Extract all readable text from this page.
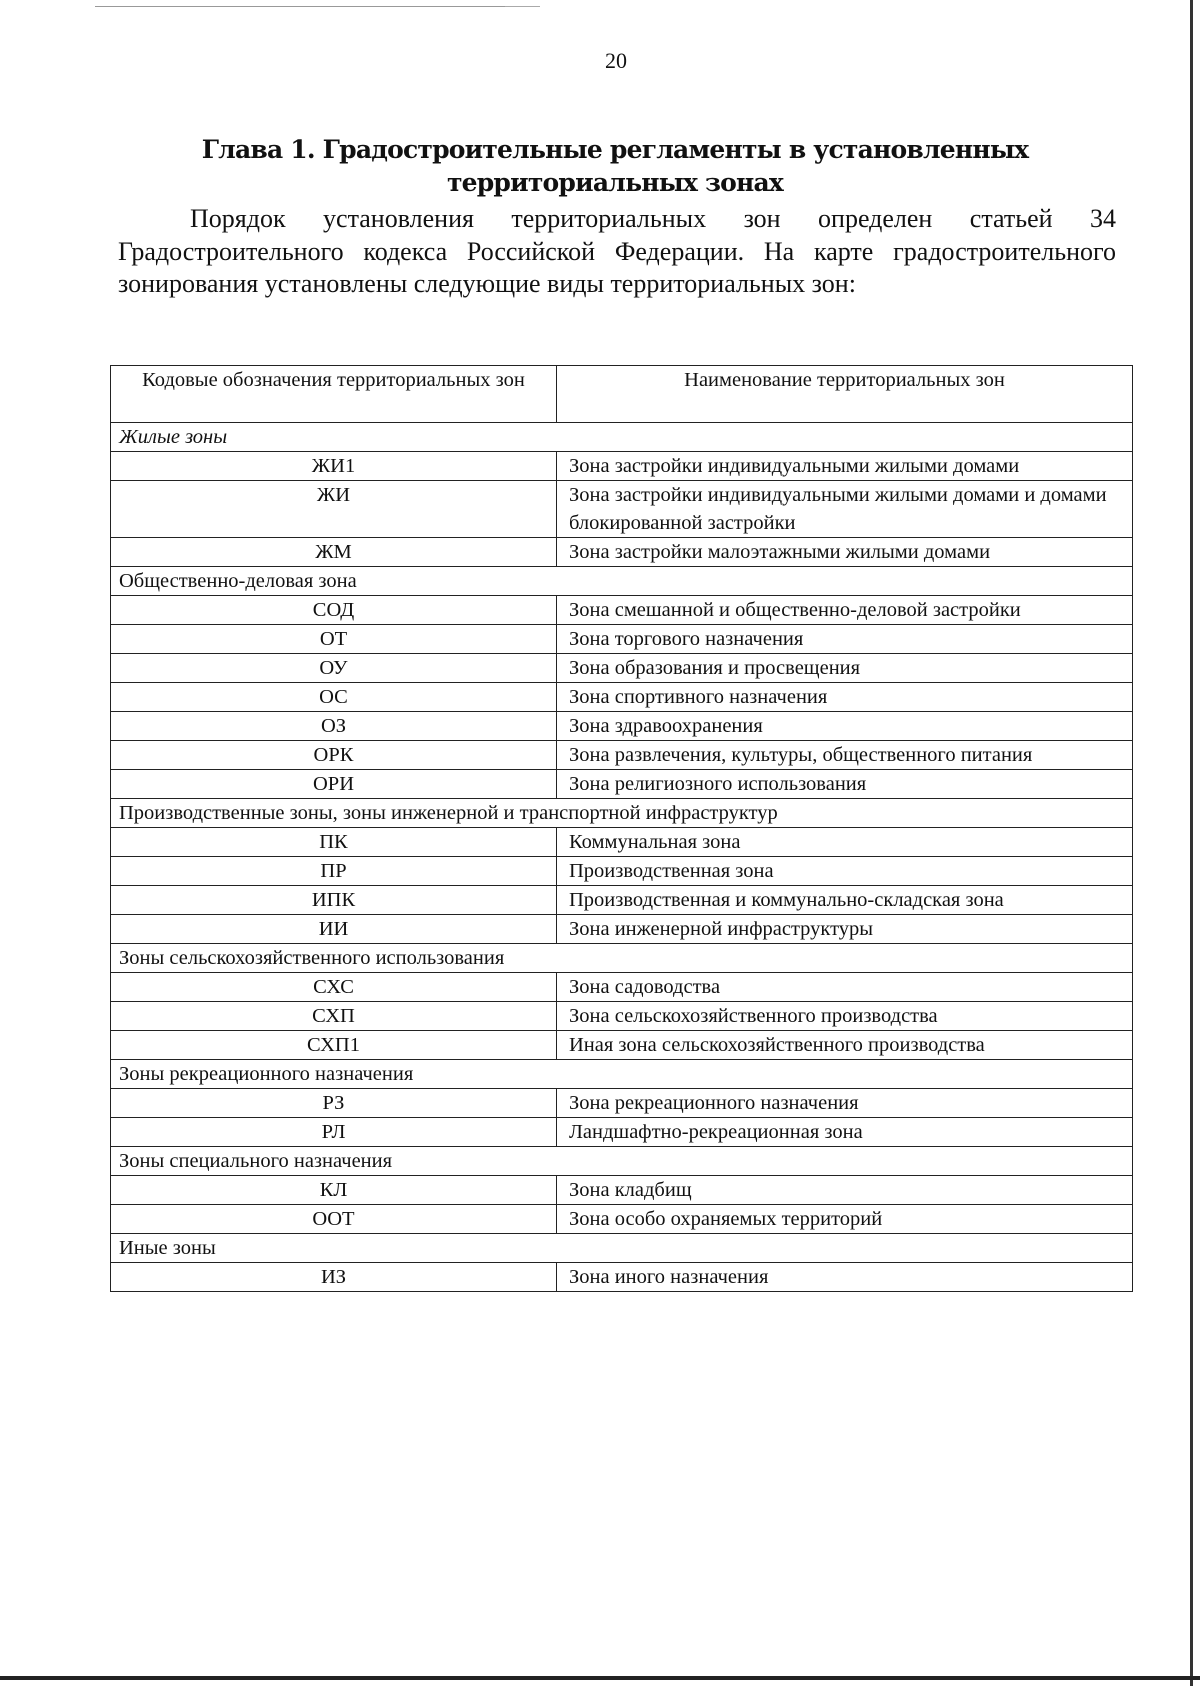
20
Глава 1. Градостроительные регламенты в установленных территориальных зонах
Порядок установления территориальных зон определен статьей 34 Градостроительного кодекса Российской Федерации. На карте градостроительного зонирования установлены следующие виды территориальных зон:
Кодовые обозначения территориальных зон	Наименование территориальных зон
Жилые зоны	
ЖИ1	Зона застройки индивидуальными жилыми домами
ЖИ	Зона застройки индивидуальными жилыми домами и домами блокированной застройки
ЖМ	Зона застройки малоэтажными жилыми домами
Общественно-деловая зона	
СОД	Зона смешанной и общественно-деловой застройки
ОТ	Зона торгового назначения
ОУ	Зона образования и просвещения
ОС	Зона спортивного назначения
ОЗ	Зона здравоохранения
ОРК	Зона развлечения, культуры, общественного питания
ОРИ	Зона религиозного использования
Производственные зоны, зоны инженерной и транспортной инфраструктур	
ПК	Коммунальная зона
ПР	Производственная зона
ИПК	Производственная и коммунально-складская зона
ИИ	Зона инженерной инфраструктуры
Зоны сельскохозяйственного использования	
СХС	Зона садоводства
СХП	Зона сельскохозяйственного производства
СХП1	Иная зона сельскохозяйственного производства
Зоны рекреационного назначения	
РЗ	Зона рекреационного назначения
РЛ	Ландшафтно-рекреационная зона
Зоны специального назначения	
КЛ	Зона кладбищ
ООТ	Зона особо охраняемых территорий
Иные зоны	
ИЗ	Зона иного назначения
